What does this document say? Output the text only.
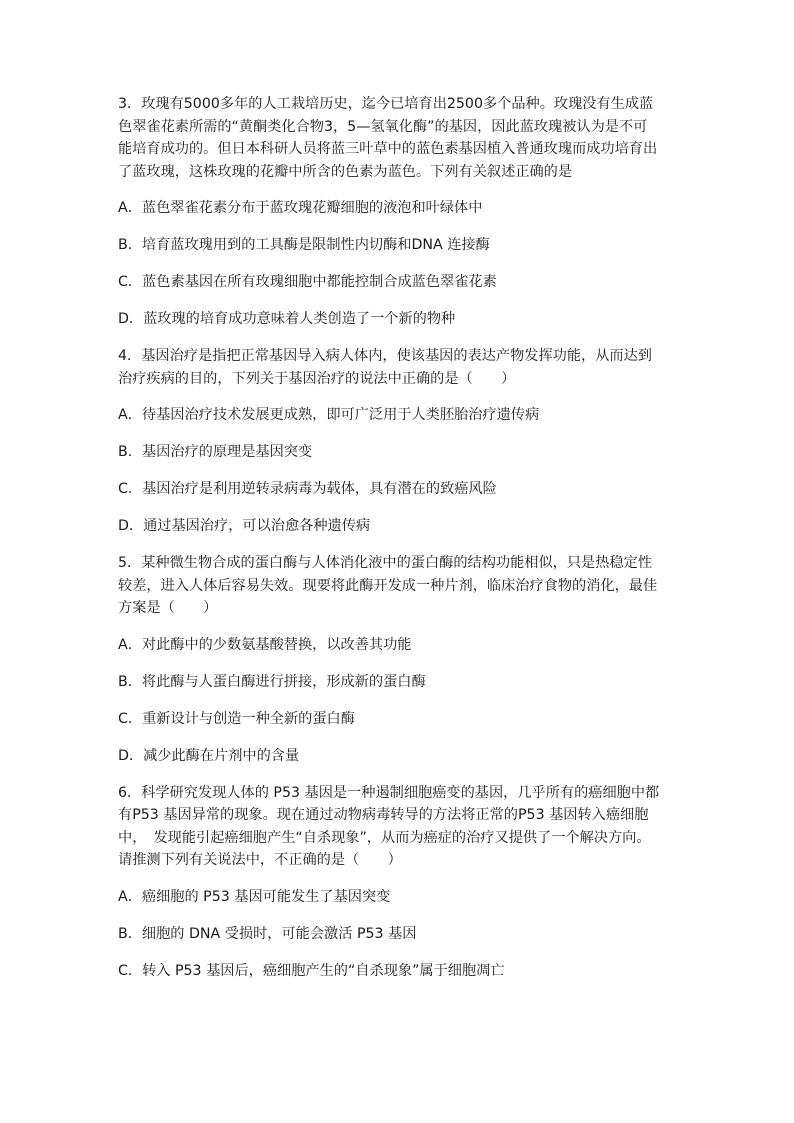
3．玫瑰有5000多年的人工栽培历史，迄今已培育出2500多个品种。玫瑰没有生成蓝
色翠雀花素所需的“黄酮类化合物3，5—氢氧化酶”的基因，因此蓝玫瑰被认为是不可
能培育成功的。但日本科研人员将蓝三叶草中的蓝色素基因植入普通玫瑰而成功培育出
了蓝玫瑰，这株玫瑰的花瓣中所含的色素为蓝色。下列有关叙述正确的是
A．蓝色翠雀花素分布于蓝玫瑰花瓣细胞的液泡和叶绿体中
B．培育蓝玫瑰用到的工具酶是限制性内切酶和DNA 连接酶
C．蓝色素基因在所有玫瑰细胞中都能控制合成蓝色翠雀花素
D．蓝玫瑰的培育成功意味着人类创造了一个新的物种
4．基因治疗是指把正常基因导入病人体内，使该基因的表达产物发挥功能，从而达到
治疗疾病的目的，下列关于基因治疗的说法中正确的是（　　）
A．待基因治疗技术发展更成熟，即可广泛用于人类胚胎治疗遗传病
B．基因治疗的原理是基因突变
C．基因治疗是利用逆转录病毒为载体，具有潜在的致癌风险
D．通过基因治疗，可以治愈各种遗传病
5．某种微生物合成的蛋白酶与人体消化液中的蛋白酶的结构功能相似，只是热稳定性
较差，进入人体后容易失效。现要将此酶开发成一种片剂，临床治疗食物的消化，最佳
方案是（　　）
A．对此酶中的少数氨基酸替换，以改善其功能
B．将此酶与人蛋白酶进行拼接，形成新的蛋白酶
C．重新设计与创造一种全新的蛋白酶
D．减少此酶在片剂中的含量
6．科学研究发现人体的 P53 基因是一种遏制细胞癌变的基因，几乎所有的癌细胞中都
有P53 基因异常的现象。现在通过动物病毒转导的方法将正常的P53 基因转入癌细胞
中，　发现能引起癌细胞产生“自杀现象”，从而为癌症的治疗又提供了一个解决方向。
请推测下列有关说法中，不正确的是（　　）
A．癌细胞的 P53 基因可能发生了基因突变
B．细胞的 DNA 受损时，可能会激活 P53 基因
C．转入 P53 基因后，癌细胞产生的“自杀现象”属于细胞凋亡
